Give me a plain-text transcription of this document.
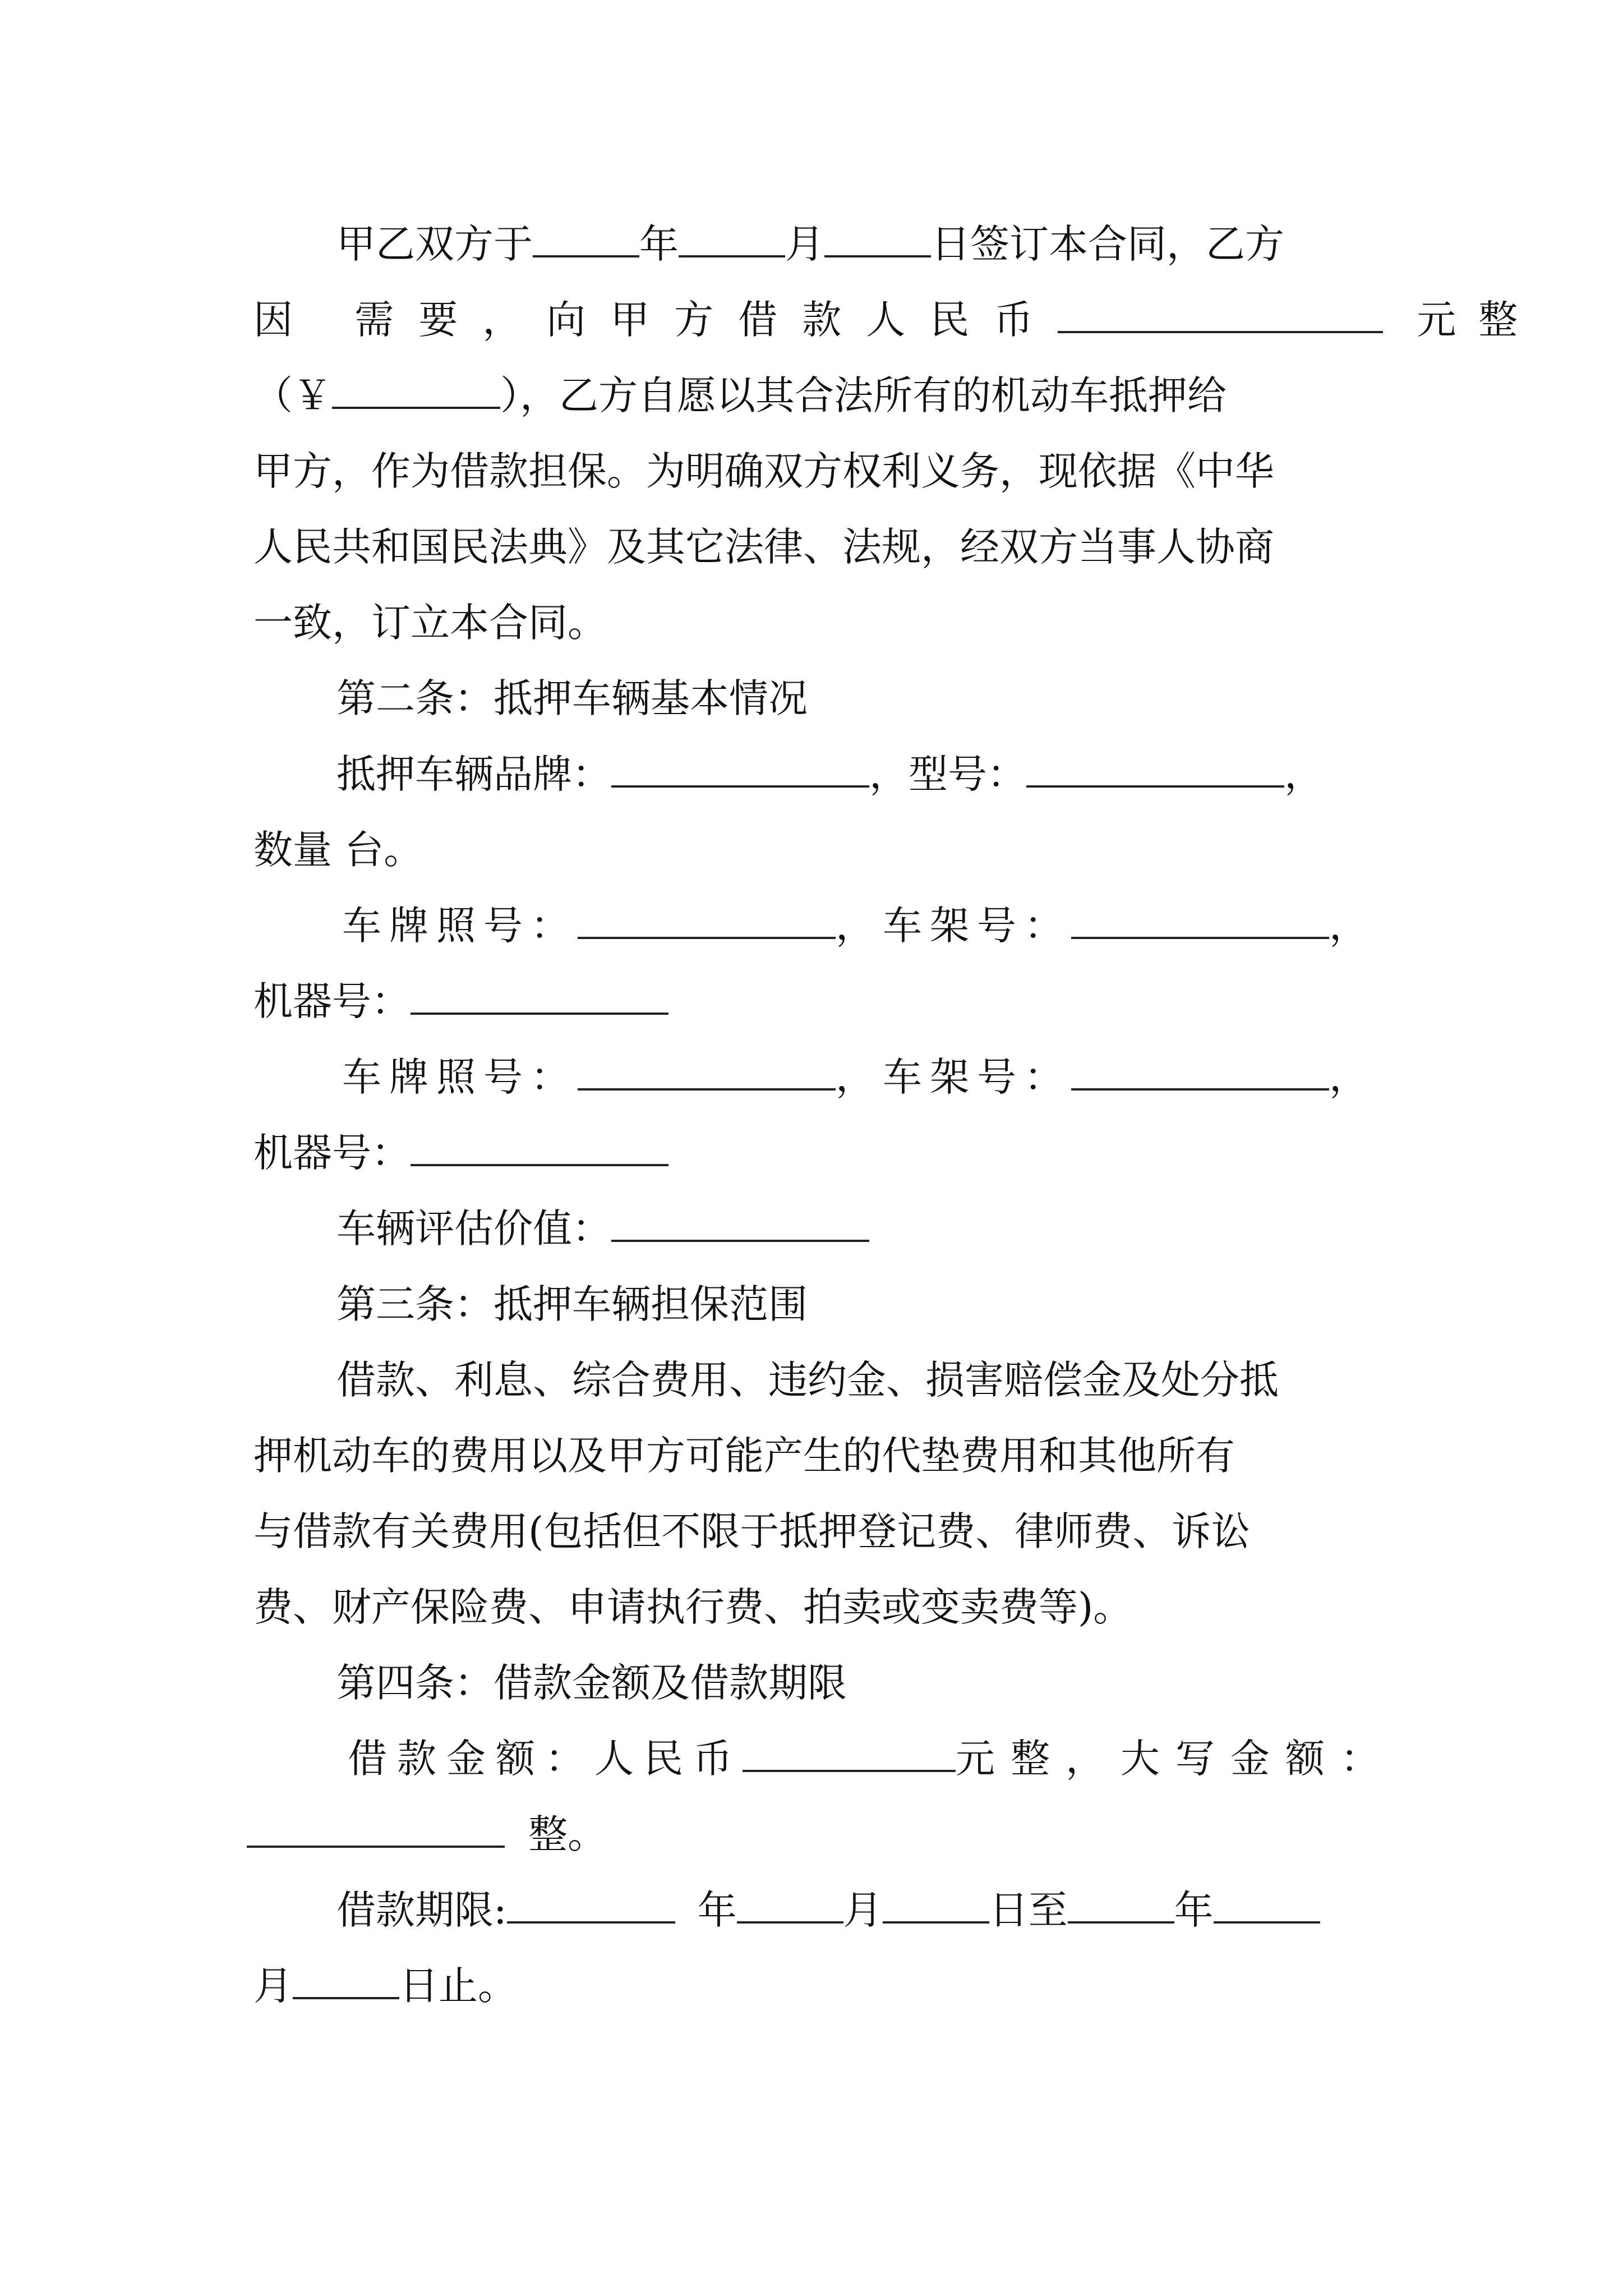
甲乙双方于	年	月	日签订本合同，乙方
因 需要，向甲方借款人民币	元整
（￥	），乙方自愿以其合法所有的机动车抵押给
甲方，作为借款担保。为明确双方权利义务，现依据《中华
人民共和国民法典》及其它法律、法规，经双方当事人协商
一致，订立本合同。
第二条：抵押车辆基本情况
抵押车辆品牌：	，型号：	，
数量 台。
车牌照号：	，车架号：	，
机器号：
车牌照号：	，车架号：	，
机器号：
车辆评估价值：
第三条：抵押车辆担保范围
借款、利息、综合费用、违约金、损害赔偿金及处分抵
押机动车的费用以及甲方可能产生的代垫费用和其他所有
与借款有关费用(包括但不限于抵押登记费、律师费、诉讼
费、财产保险费、申请执行费、拍卖或变卖费等)。
第四条：借款金额及借款期限
借款金额：人民币	元整，大写金额：
整。
借款期限:	年	月	日至	年
月	日止。
